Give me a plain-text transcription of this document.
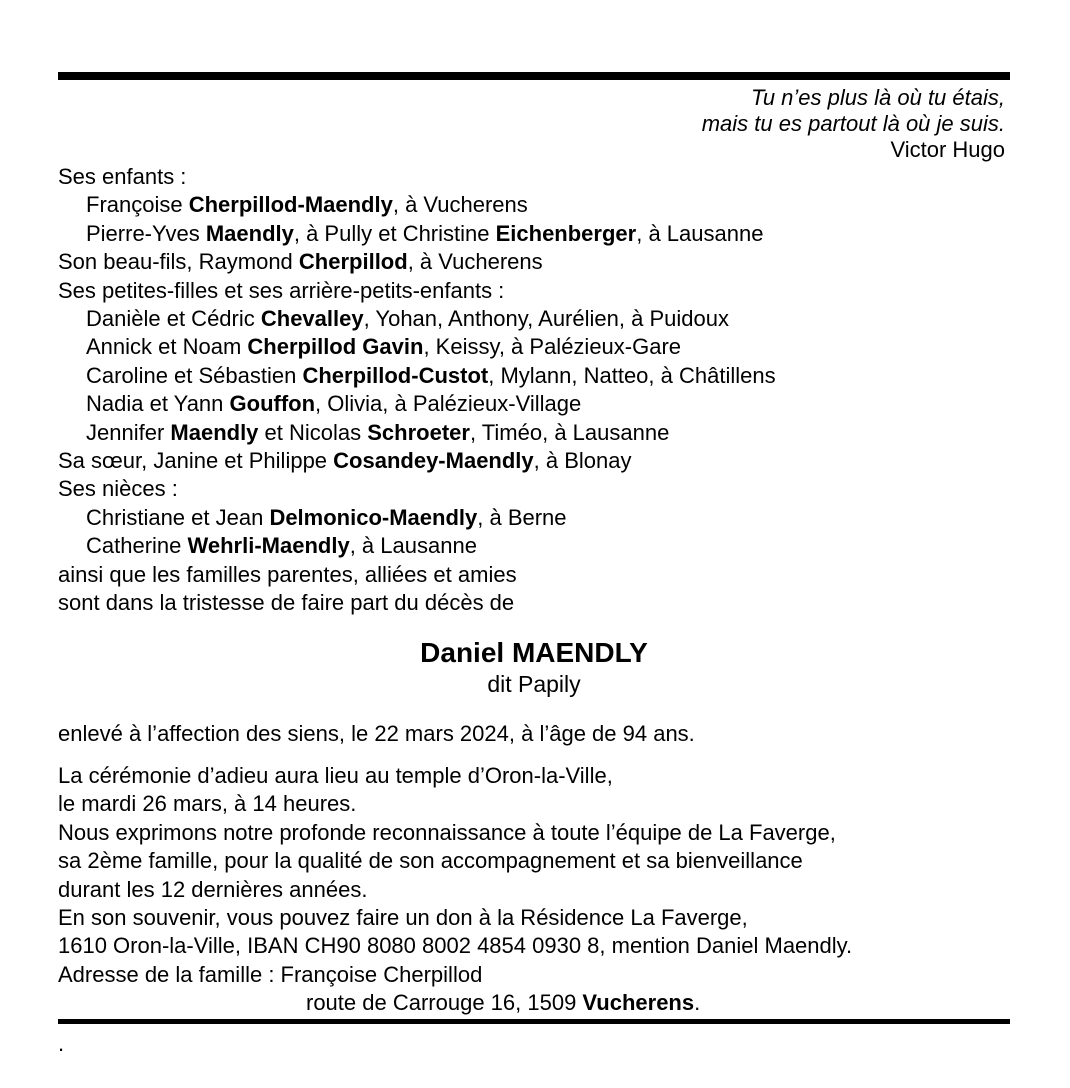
Tu n’es plus là où tu étais,
mais tu es partout là où je suis.
Victor Hugo
Ses enfants :
Françoise Cherpillod-Maendly, à Vucherens
Pierre-Yves Maendly, à Pully et Christine Eichenberger, à Lausanne
Son beau-fils, Raymond Cherpillod, à Vucherens
Ses petites-filles et ses arrière-petits-enfants :
Danièle et Cédric Chevalley, Yohan, Anthony, Aurélien, à Puidoux
Annick et Noam Cherpillod Gavin, Keissy, à Palézieux-Gare
Caroline et Sébastien Cherpillod-Custot, Mylann, Natteo, à Châtillens
Nadia et Yann Gouffon, Olivia, à Palézieux-Village
Jennifer Maendly et Nicolas Schroeter, Timéo, à Lausanne
Sa sœur, Janine et Philippe Cosandey-Maendly, à Blonay
Ses nièces :
Christiane et Jean Delmonico-Maendly, à Berne
Catherine Wehrli-Maendly, à Lausanne
ainsi que les familles parentes, alliées et amies
sont dans la tristesse de faire part du décès de
Daniel MAENDLY
dit Papily
enlevé à l’affection des siens, le 22 mars 2024, à l’âge de 94 ans.
La cérémonie d’adieu aura lieu au temple d’Oron-la-Ville,
le mardi 26 mars, à 14 heures.
Nous exprimons notre profonde reconnaissance à toute l’équipe de La Faverge,
sa 2ème famille, pour la qualité de son accompagnement et sa bienveillance
durant les 12 dernières années.
En son souvenir, vous pouvez faire un don à la Résidence La Faverge,
1610 Oron-la-Ville, IBAN CH90 8080 8002 4854 0930 8, mention Daniel Maendly.
Adresse de la famille : Françoise Cherpillod
route de Carrouge 16, 1509 Vucherens.
.
